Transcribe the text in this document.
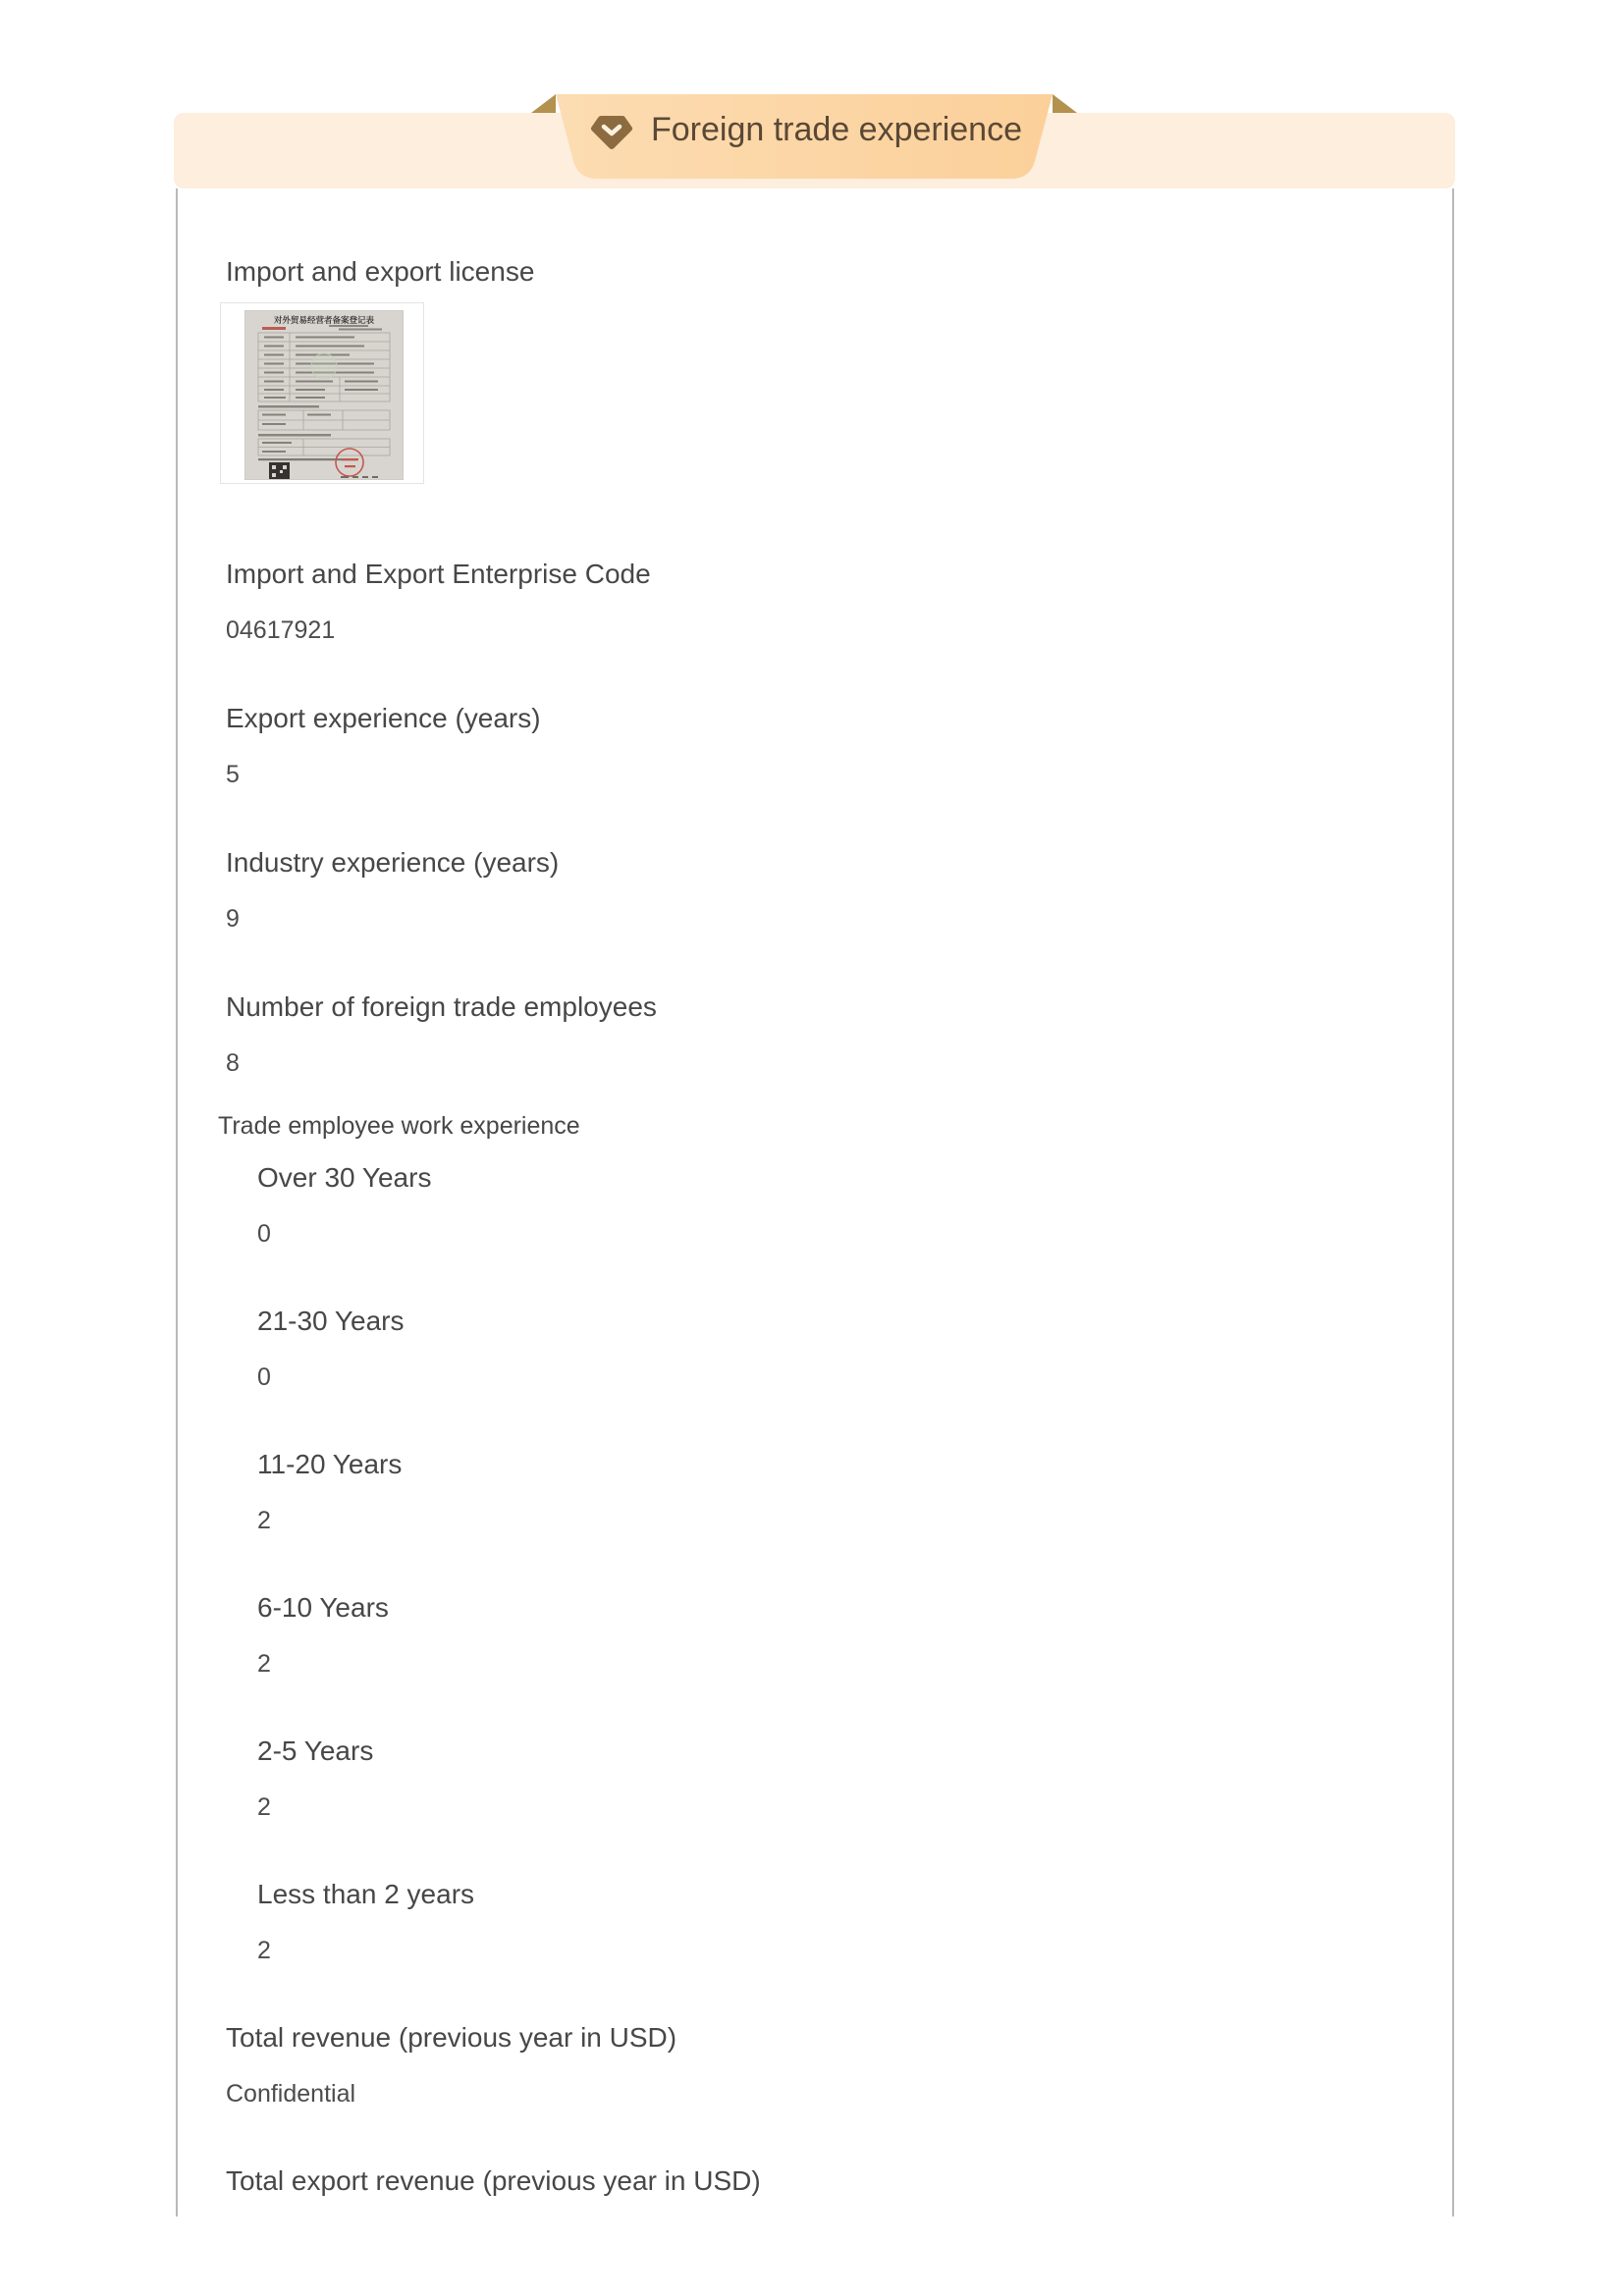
Foreign trade experience
Import and export license
对外贸易经营者备案登记表
Import and Export Enterprise Code
04617921
Export experience (years)
5
Industry experience (years)
9
Number of foreign trade employees
8
Trade employee work experience
Over 30 Years
0
21-30 Years
0
11-20 Years
2
6-10 Years
2
2-5 Years
2
Less than 2 years
2
Total revenue (previous year in USD)
Confidential
Total export revenue (previous year in USD)
